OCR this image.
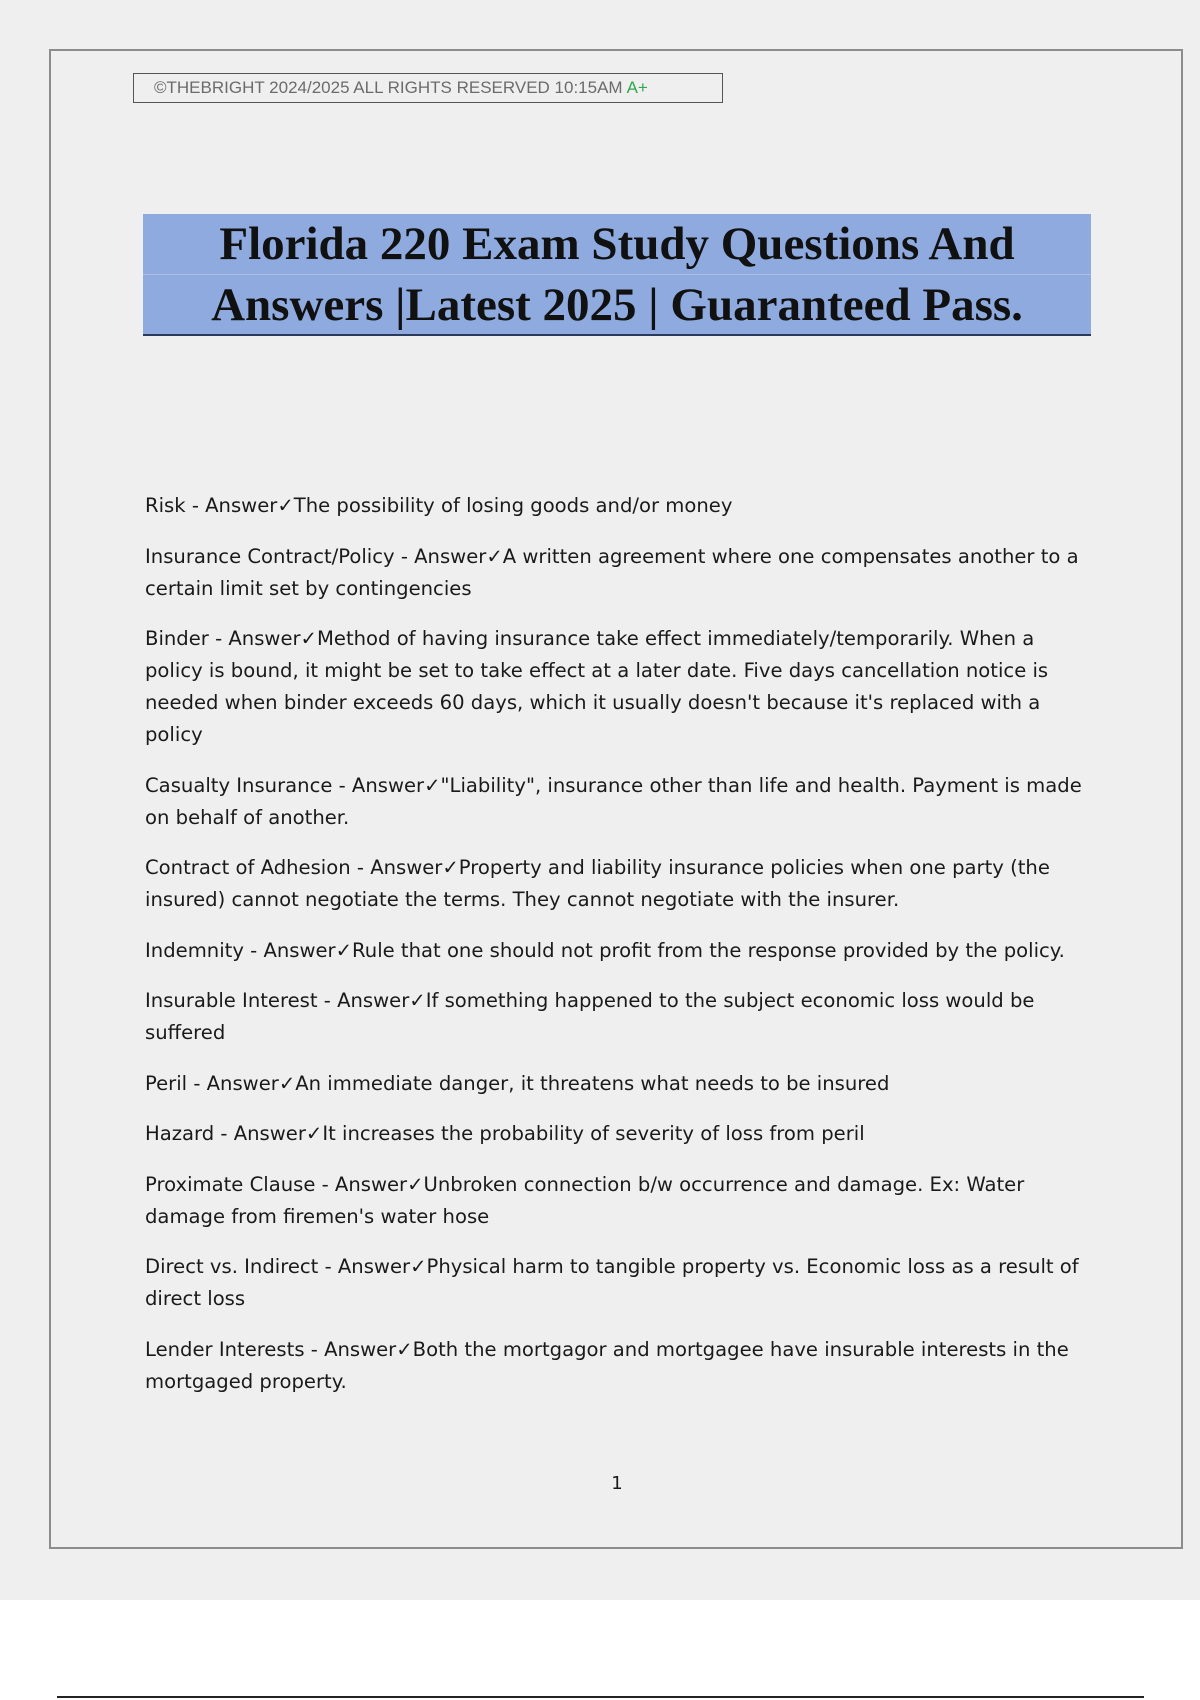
©THEBRIGHT 2024/2025 ALL RIGHTS RESERVED 10:15AM A+
Florida 220 Exam Study Questions And
Answers |Latest 2025 | Guaranteed Pass.

Risk - Answer✓The possibility of losing goods and/or money

Insurance Contract/Policy - Answer✓A written agreement where one compensates another to a certain limit set by contingencies

Binder - Answer✓Method of having insurance take effect immediately/temporarily. When a policy is bound, it might be set to take effect at a later date. Five days cancellation notice is needed when binder exceeds 60 days, which it usually doesn't because it's replaced with a policy

Casualty Insurance - Answer✓"Liability", insurance other than life and health. Payment is made on behalf of another.

Contract of Adhesion - Answer✓Property and liability insurance policies when one party (the insured) cannot negotiate the terms. They cannot negotiate with the insurer.

Indemnity - Answer✓Rule that one should not profit from the response provided by the policy.

Insurable Interest - Answer✓If something happened to the subject economic loss would be suffered

Peril - Answer✓An immediate danger, it threatens what needs to be insured

Hazard - Answer✓It increases the probability of severity of loss from peril

Proximate Clause - Answer✓Unbroken connection b/w occurrence and damage. Ex: Water damage from firemen's water hose

Direct vs. Indirect - Answer✓Physical harm to tangible property vs. Economic loss as a result of direct loss

Lender Interests - Answer✓Both the mortgagor and mortgagee have insurable interests in the mortgaged property.

1
